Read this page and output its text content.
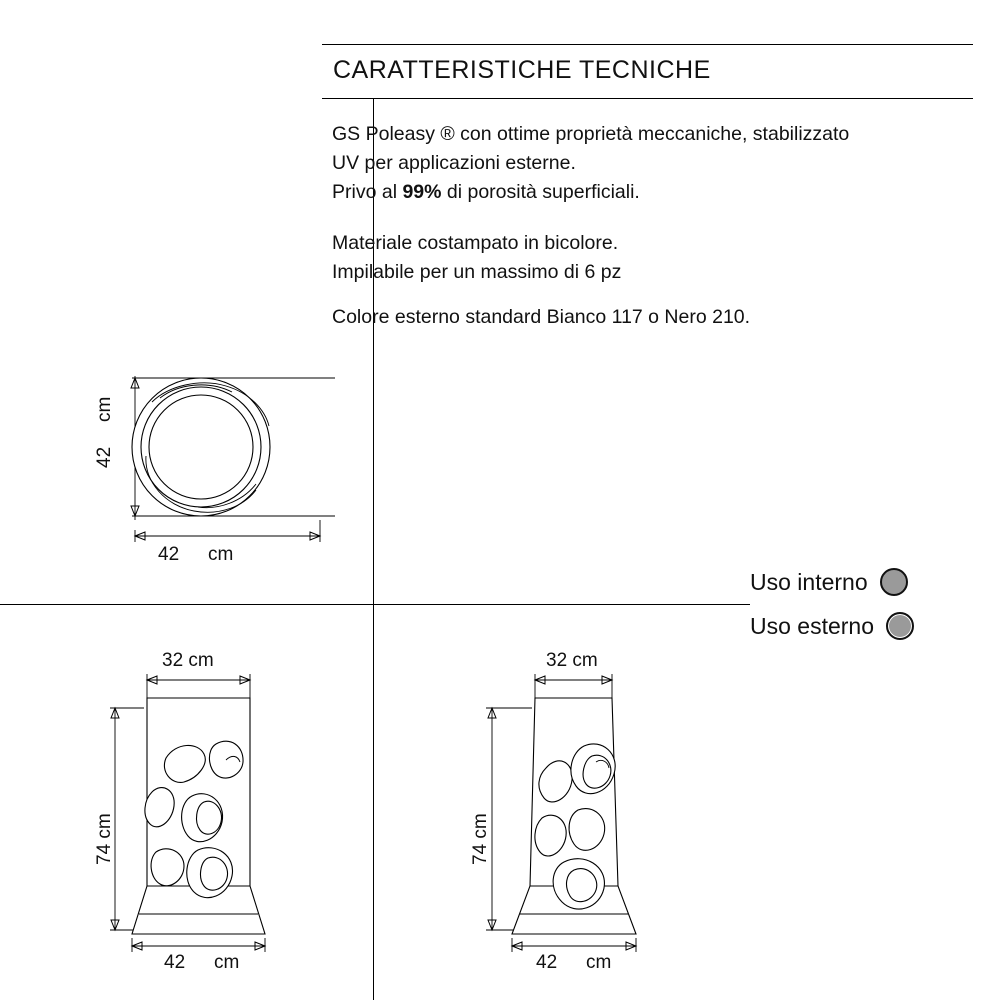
CARATTERISTICHE TECNICHE

GS Poleasy ® con ottime proprietà meccaniche, stabilizzato

UV per applicazioni esterne.

Privo al 99% di porosità superficiali.

Materiale costampato in bicolore.

Impilabile per un massimo di 6 pz

Colore esterno standard Bianco 117 o Nero 210.

Uso interno
Uso esterno
42
cm
42 cm
32 cm
74 cm
42 cm
32 cm
74 cm
42 cm
